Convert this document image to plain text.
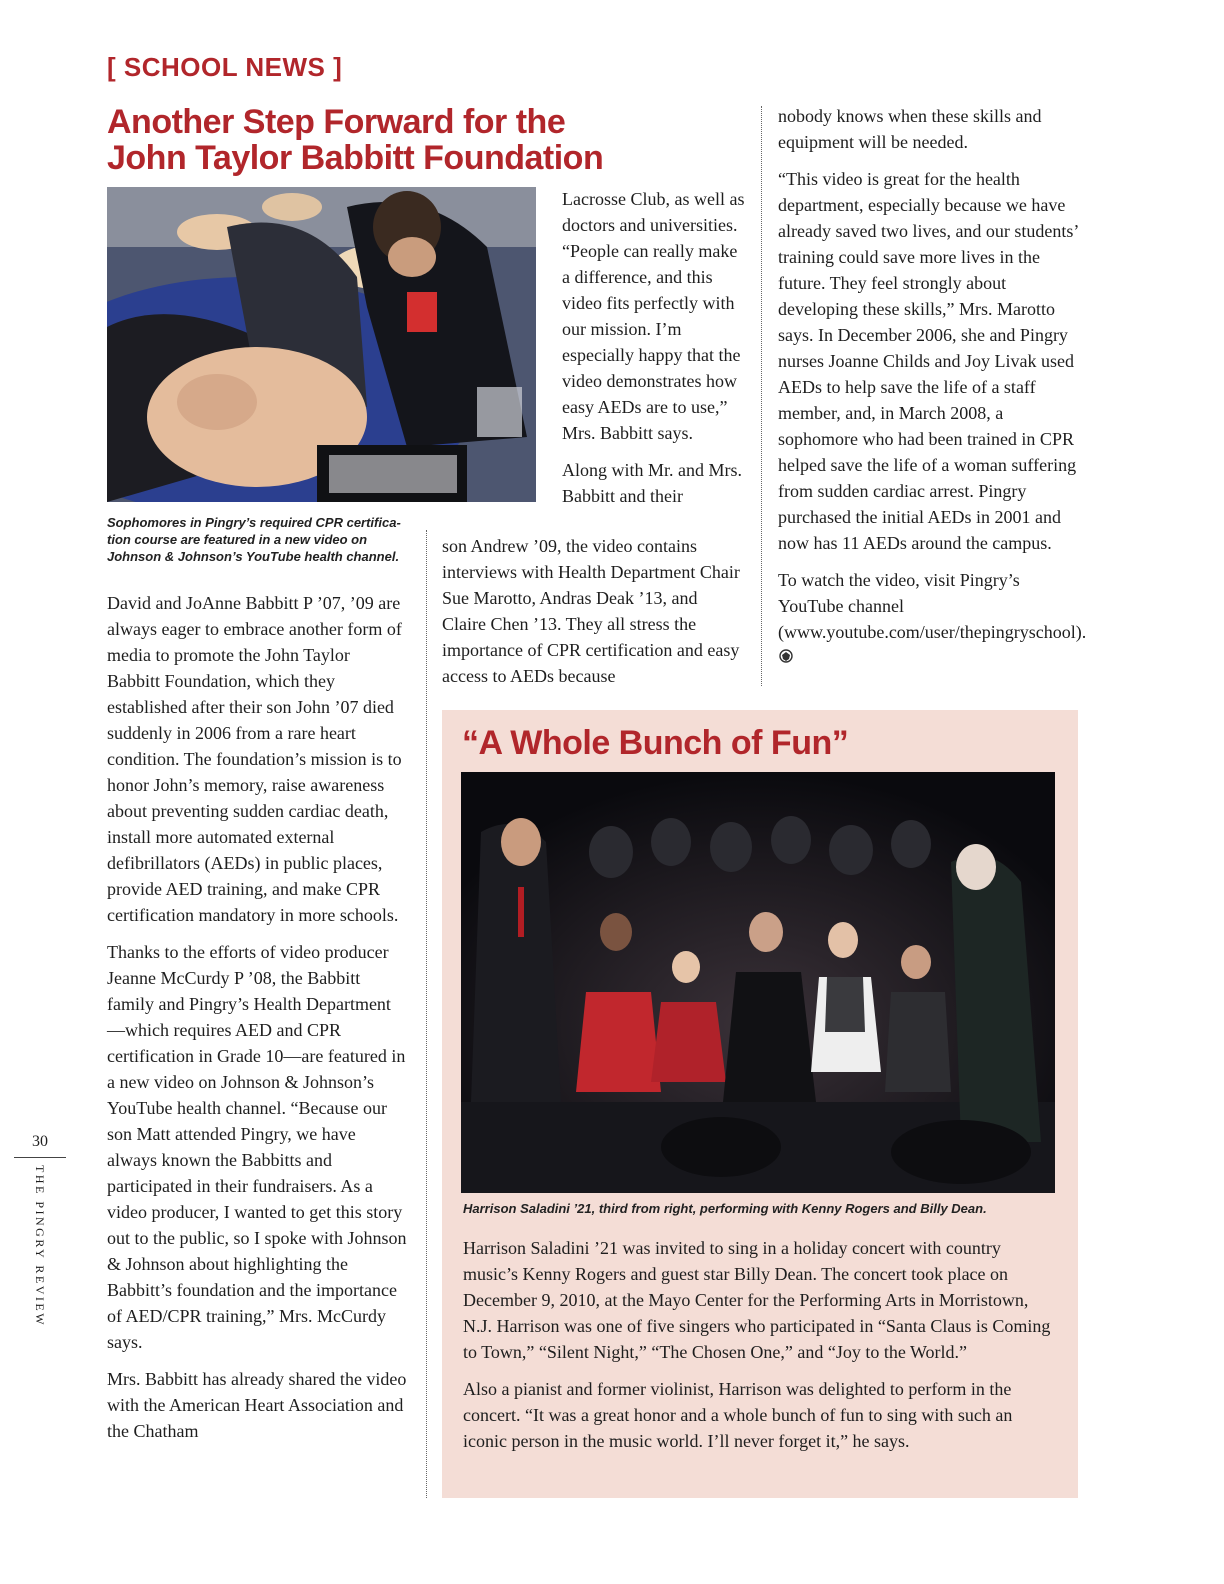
[ SCHOOL NEWS ]
Another Step Forward for the
John Taylor Babbitt Foundation

Sophomores in Pingry’s required CPR certifica-
tion course are featured in a new video on
Johnson & Johnson’s YouTube health channel.

David and JoAnne Babbitt P ’07, ’09 are always eager to embrace another form of media to promote the John Taylor Babbitt Foundation, which they established after their son John ’07 died suddenly in 2006 from a rare heart condition. The foundation’s mission is to honor John’s memory, raise awareness about preventing sudden cardiac death, install more automated external defibrillators (AEDs) in public places, provide AED training, and make CPR certification mandatory in more schools.

Thanks to the efforts of video producer Jeanne McCurdy P ’08, the Babbitt family and Pingry’s Health Department—which requires AED and CPR certification in Grade 10—are featured in a new video on Johnson & Johnson’s YouTube health channel. “Because our son Matt attended Pingry, we have always known the Babbitts and participated in their fundraisers. As a video producer, I wanted to get this story out to the public, so I spoke with Johnson & Johnson about highlighting the Babbitt’s foundation and the importance of AED/CPR training,” Mrs. McCurdy says.

Mrs. Babbitt has already shared the video with the American Heart Association and the Chatham

Lacrosse Club, as well as doctors and universities. “People can really make a difference, and this video fits perfectly with our mission. I’m especially happy that the video demonstrates how easy AEDs are to use,” Mrs. Babbitt says.

Along with Mr. and Mrs. Babbitt and their

son Andrew ’09, the video contains interviews with Health Department Chair Sue Marotto, Andras Deak ’13, and Claire Chen ’13. They all stress the importance of CPR certification and easy access to AEDs because

nobody knows when these skills and equipment will be needed.

“This video is great for the health department, especially because we have already saved two lives, and our students’ training could save more lives in the future. They feel strongly about developing these skills,” Mrs. Marotto says. In December 2006, she and Pingry nurses Joanne Childs and Joy Livak used AEDs to help save the life of a staff member, and, in March 2008, a sophomore who had been trained in CPR helped save the life of a woman suffering from sudden cardiac arrest. Pingry purchased the initial AEDs in 2001 and now has 11 AEDs around the campus.

To watch the video, visit Pingry’s YouTube channel (www.youtube.com/user/thepingryschool).

“A Whole Bunch of Fun”

Harrison Saladini ’21, third from right, performing with Kenny Rogers and Billy Dean.

Harrison Saladini ’21 was invited to sing in a holiday concert with country music’s Kenny Rogers and guest star Billy Dean. The concert took place on December 9, 2010, at the Mayo Center for the Performing Arts in Morristown, N.J. Harrison was one of five singers who participated in “Santa Claus is Coming to Town,” “Silent Night,” “The Chosen One,” and “Joy to the World.”

Also a pianist and former violinist, Harrison was delighted to perform in the concert. “It was a great honor and a whole bunch of fun to sing with such an iconic person in the music world. I’ll never forget it,” he says.

30
THE PINGRY REVIEW
